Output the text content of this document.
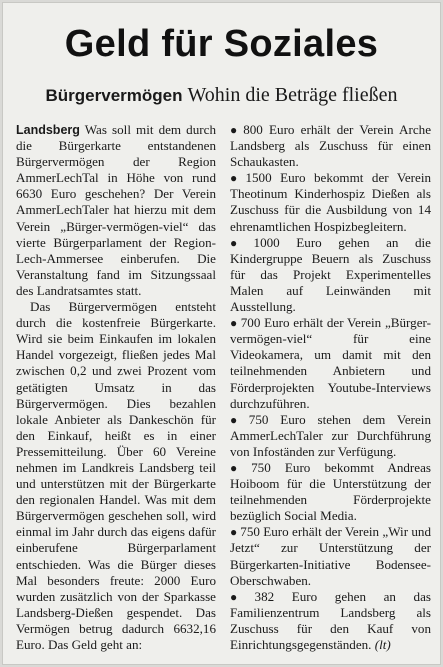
Geld für Soziales
Bürgervermögen Wohin die Beträge fließen

Landsberg Was soll mit dem durch die Bürgerkarte entstandenen Bürgervermögen der Region AmmerLechTal in Höhe von rund 6630 Euro geschehen? Der Verein AmmerLechTaler hat hierzu mit dem Verein „Bürger-vermögen-viel“ das vierte Bürgerparlament der Region-Lech-Ammersee einberufen. Die Veranstaltung fand im Sitzungssaal des Landratsamtes statt.

Das Bürgervermögen entsteht durch die kostenfreie Bürgerkarte. Wird sie beim Einkaufen im lokalen Handel vorgezeigt, fließen jedes Mal zwischen 0,2 und zwei Prozent vom getätigten Umsatz in das Bürgervermögen. Dies bezahlen lokale Anbieter als Dankeschön für den Einkauf, heißt es in einer Pressemitteilung. Über 60 Vereine nehmen im Landkreis Landsberg teil und unterstützen mit der Bürgerkarte den regionalen Handel. Was mit dem Bürgervermögen geschehen soll, wird einmal im Jahr durch das eigens dafür einberufene Bürgerparlament entschieden. Was die Bürger dieses Mal besonders freute: 2000 Euro wurden zusätzlich von der Sparkasse Landsberg-Dießen gespendet. Das Vermögen betrug dadurch 6632,16 Euro. Das Geld geht an:

● 800 Euro erhält der Verein Arche Landsberg als Zuschuss für einen Schaukasten.

● 1500 Euro bekommt der Verein Theotinum Kinderhospiz Dießen als Zuschuss für die Ausbildung von 14 ehrenamtlichen Hospizbegleitern.

● 1000 Euro gehen an die Kindergruppe Beuern als Zuschuss für das Projekt Experimentelles Malen auf Leinwänden mit Ausstellung.

● 700 Euro erhält der Verein „Bürger-vermögen-viel“ für eine Videokamera, um damit mit den teilnehmenden Anbietern und Förderprojekten Youtube-Interviews durchzuführen.

● 750 Euro stehen dem Verein AmmerLechTaler zur Durchführung von Infoständen zur Verfügung.

● 750 Euro bekommt Andreas Hoiboom für die Unterstützung der teilnehmenden Förderprojekte bezüglich Social Media.

● 750 Euro erhält der Verein „Wir und Jetzt“ zur Unterstützung der Bürgerkarten-Initiative Bodensee-Oberschwaben.

● 382 Euro gehen an das Familienzentrum Landsberg als Zuschuss für den Kauf von Einrichtungsgegenständen. (lt)
